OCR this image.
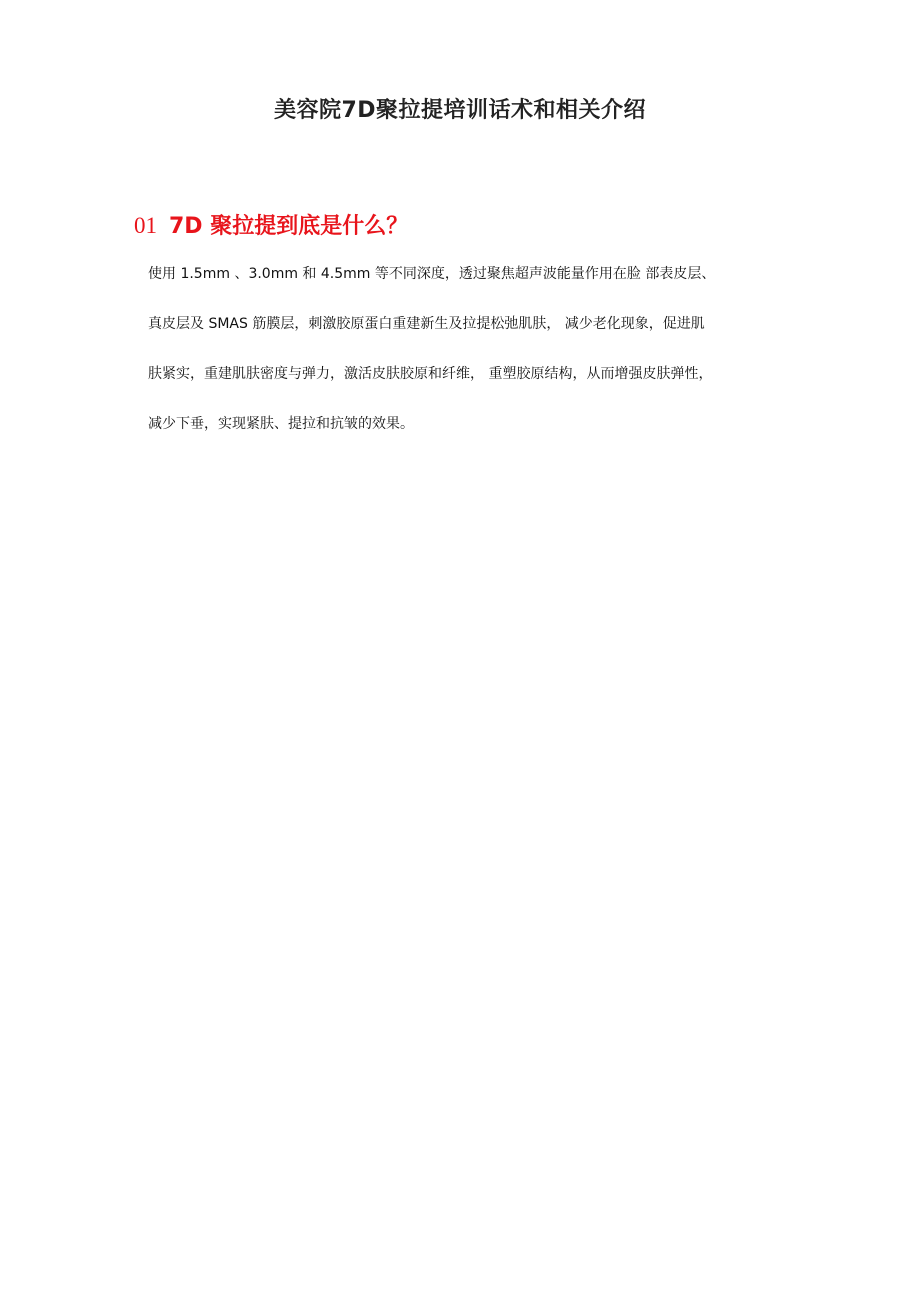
美容院7D聚拉提培训话术和相关介绍
01 7D 聚拉提到底是什么？
使用 1.5mm 、3.0mm 和 4.5mm 等不同深度，透过聚焦超声波能量作用在脸 部表皮层、
真皮层及 SMAS 筋膜层，刺激胶原蛋白重建新生及拉提松弛肌肤， 减少老化现象，促进肌
肤紧实，重建肌肤密度与弹力，激活皮肤胶原和纤维， 重塑胶原结构，从而增强皮肤弹性，
减少下垂，实现紧肤、提拉和抗皱的效果。
